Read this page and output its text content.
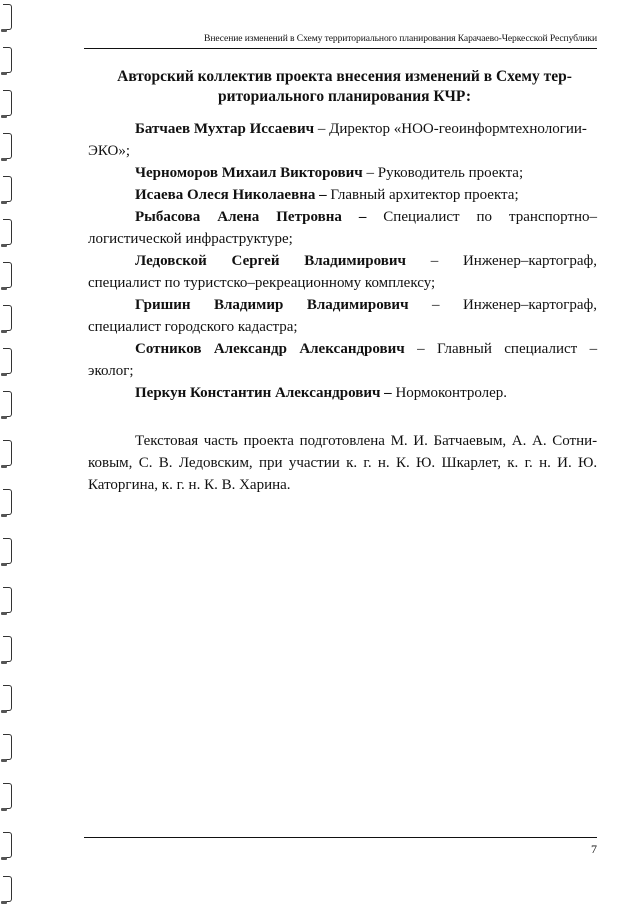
Внесение изменений в Схему территориального планирования Карачаево-Черкесской Республики
Авторский коллектив проекта внесения изменений в Схему тер-
риториального планирования КЧР:
Батчаев Мухтар Иссаевич – Директор «НОО-геоинформтехнологии-
ЭКО»;
Черноморов Михаил Викторович – Руководитель проекта;
Исаева Олеся Николаевна – Главный архитектор проекта;
Рыбасова Алена Петровна – Специалист по транспортно–
логистической инфраструктуре;
Ледовской Сергей Владимирович – Инженер–картограф,
специалист по туристско–рекреационному комплексу;
Гришин Владимир Владимирович – Инженер–картограф,
специалист городского кадастра;
Сотников Александр Александрович – Главный специалист –
эколог;
Перкун Константин Александрович – Нормоконтролер.
Текстовая часть проекта подготовлена М. И. Батчаевым, А. А. Сотни-
ковым, С. В. Ледовским, при участии к. г. н. К. Ю. Шкарлет, к. г. н. И. Ю.
Каторгина, к. г. н. К. В. Харина.
7
